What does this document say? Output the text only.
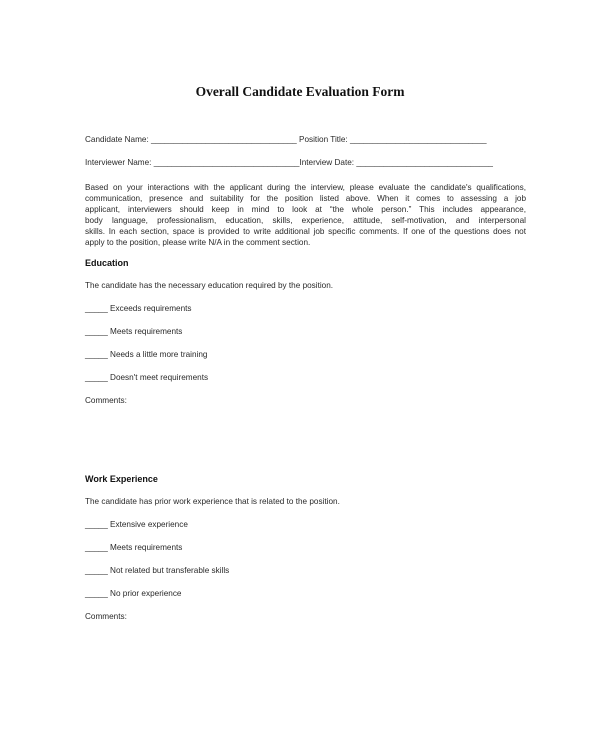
Overall Candidate Evaluation Form
Candidate Name: ________________________________ Position Title: ______________________________
Interviewer Name: ________________________________Interview Date: ______________________________
Based on your interactions with the applicant during the interview, please evaluate the candidate's qualifications,
communication, presence and suitability for the position listed above. When it comes to assessing a job
applicant, interviewers should keep in mind to look at “the whole person.” This includes appearance,
body language, professionalism, education, skills, experience, attitude, self-motivation, and interpersonal
skills. In each section, space is provided to write additional job specific comments. If one of the questions does not
apply to the position, please write N/A in the comment section.
Education
The candidate has the necessary education required by the position.
_____ Exceeds requirements
_____ Meets requirements
_____ Needs a little more training
_____ Doesn't meet requirements
Comments:
Work Experience
The candidate has prior work experience that is related to the position.
_____ Extensive experience
_____ Meets requirements
_____ Not related but transferable skills
_____ No prior experience
Comments:
